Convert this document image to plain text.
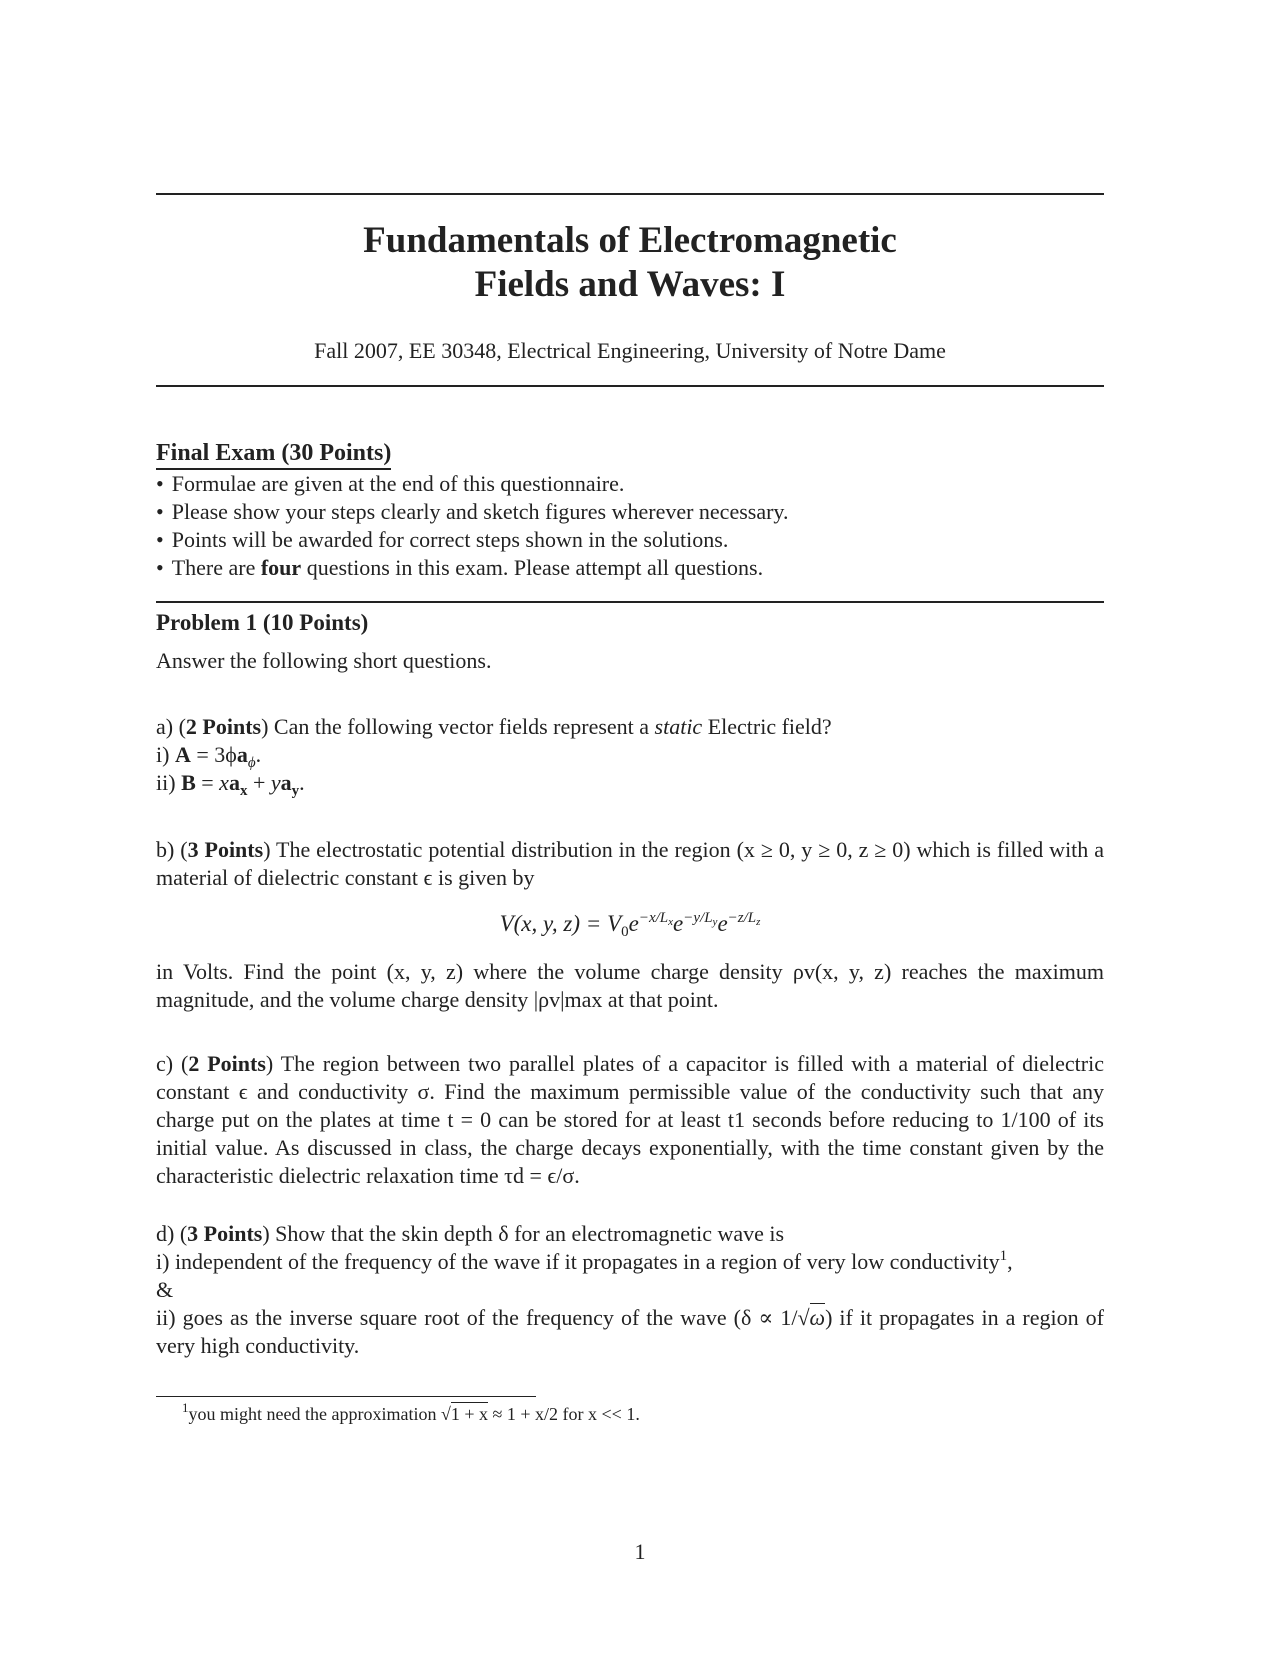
Fundamentals of Electromagnetic
Fields and Waves: I
Fall 2007, EE 30348, Electrical Engineering, University of Notre Dame
Final Exam (30 Points)
• Formulae are given at the end of this questionnaire.
• Please show your steps clearly and sketch figures wherever necessary.
• Points will be awarded for correct steps shown in the solutions.
• There are four questions in this exam. Please attempt all questions.

Problem 1 (10 Points)

Answer the following short questions.

a) (2 Points) Can the following vector fields represent a static Electric field?

i) $A = 3\phi a_\phi$.

ii) $B = xa_x + ya_y$.

b) (3 Points) The electrostatic potential distribution in the region (x ≥ 0, y ≥ 0, z ≥ 0) which is filled with a material of dielectric constant ϵ is given by

V(x, y, $z) = V_0e^{-x/Lx}e^{-y/Ly}e^{-z/Lz}$

in Volts. Find the point (x, y, z) where the volume charge density ρv(x, y, z) reaches the maximum magnitude, and the volume charge density |ρv|max at that point.

c) (2 Points) The region between two parallel plates of a capacitor is filled with a material of dielectric constant ϵ and conductivity σ. Find the maximum permissible value of the conductivity such that any charge put on the plates at time t = 0 can be stored for at least t1 seconds before reducing to 1/100 of its initial value. As discussed in class, the charge decays exponentially, with the time constant given by the characteristic dielectric relaxation time τd = ϵ/σ.

d) (3 Points) Show that the skin depth δ for an electromagnetic wave is

i) independent of the frequency of the wave if it propagates in a region of very low conductivity$^1$,

&

ii) goes as the inverse square root of the frequency of the wave (δ ∝ 1/√ω) if it propagates in a region of very high conductivity.

$^1$you might need the approximation √1 + x ≈ 1 + x/2 for x << 1.
1
